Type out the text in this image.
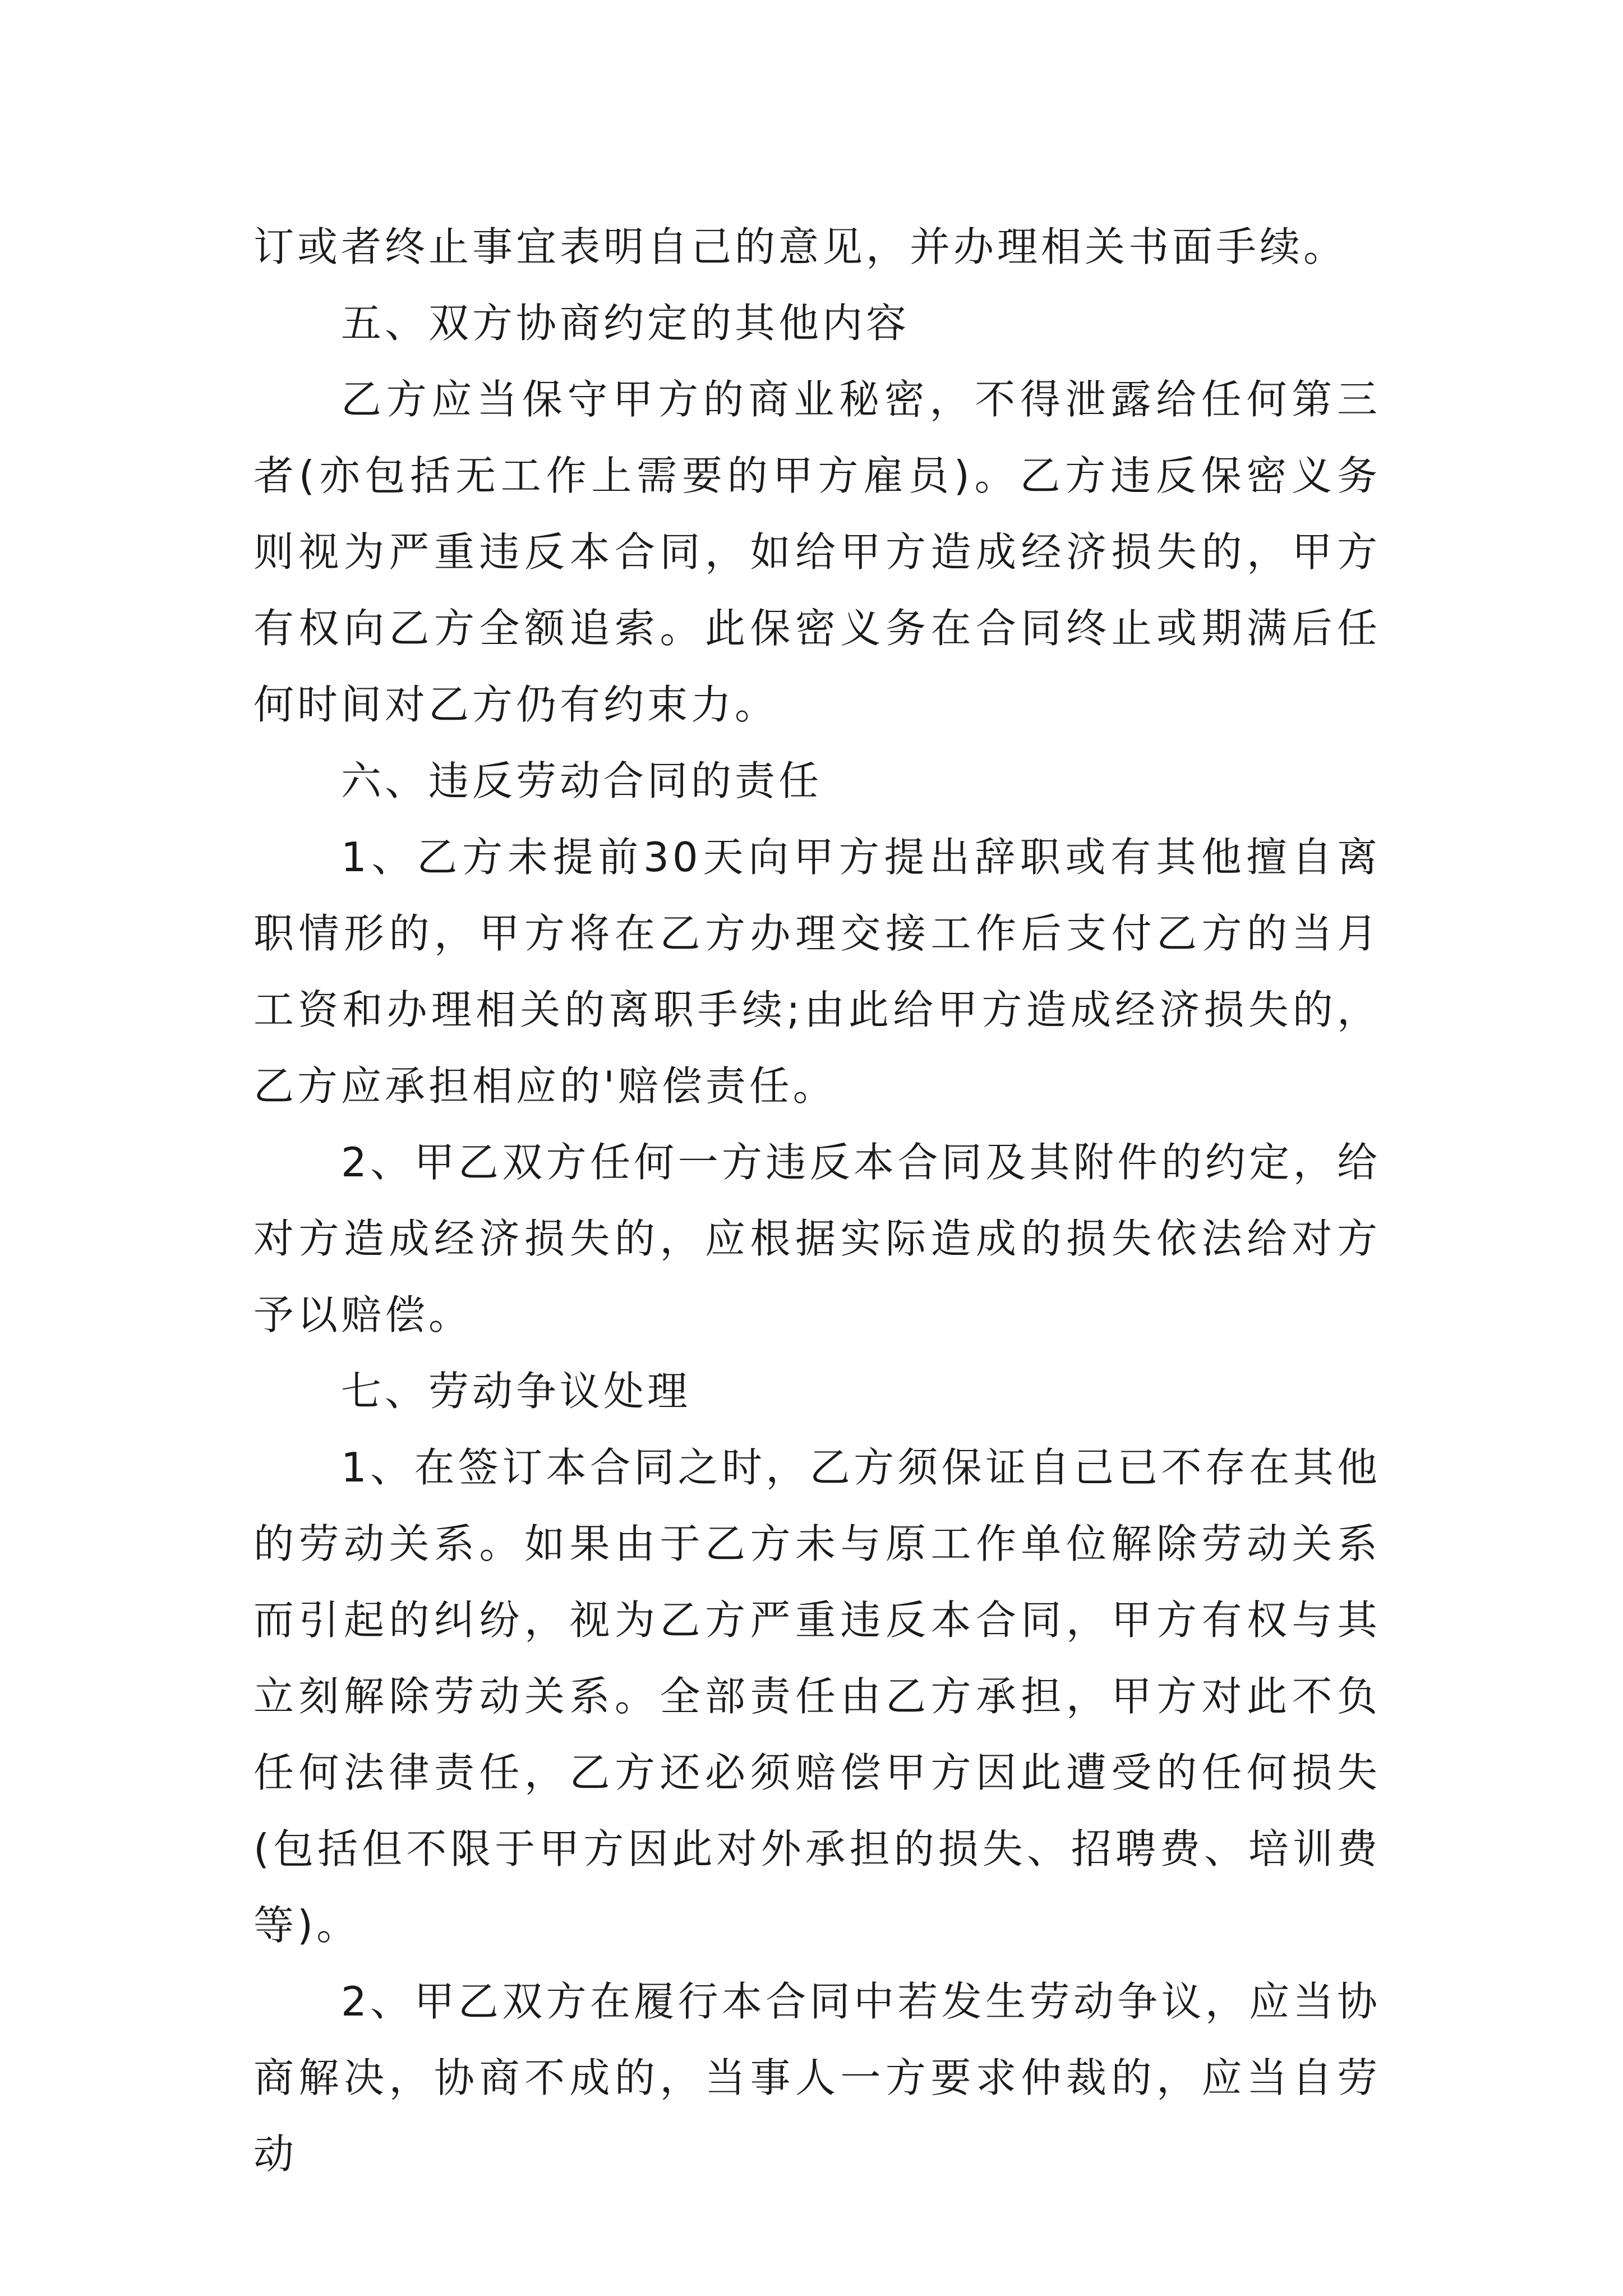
订或者终止事宜表明自己的意见，并办理相关书面手续。

五、双方协商约定的其他内容

乙方应当保守甲方的商业秘密，不得泄露给任何第三者(亦包括无工作上需要的甲方雇员)。乙方违反保密义务则视为严重违反本合同，如给甲方造成经济损失的，甲方有权向乙方全额追索。此保密义务在合同终止或期满后任何时间对乙方仍有约束力。

六、违反劳动合同的责任

1、乙方未提前30天向甲方提出辞职或有其他擅自离职情形的，甲方将在乙方办理交接工作后支付乙方的当月工资和办理相关的离职手续;由此给甲方造成经济损失的，乙方应承担相应的'赔偿责任。

2、甲乙双方任何一方违反本合同及其附件的约定，给对方造成经济损失的，应根据实际造成的损失依法给对方予以赔偿。

七、劳动争议处理

1、在签订本合同之时，乙方须保证自己已不存在其他的劳动关系。如果由于乙方未与原工作单位解除劳动关系而引起的纠纷，视为乙方严重违反本合同，甲方有权与其立刻解除劳动关系。全部责任由乙方承担，甲方对此不负任何法律责任，乙方还必须赔偿甲方因此遭受的任何损失(包括但不限于甲方因此对外承担的损失、招聘费、培训费等)。

2、甲乙双方在履行本合同中若发生劳动争议，应当协商解决，协商不成的，当事人一方要求仲裁的，应当自劳动
